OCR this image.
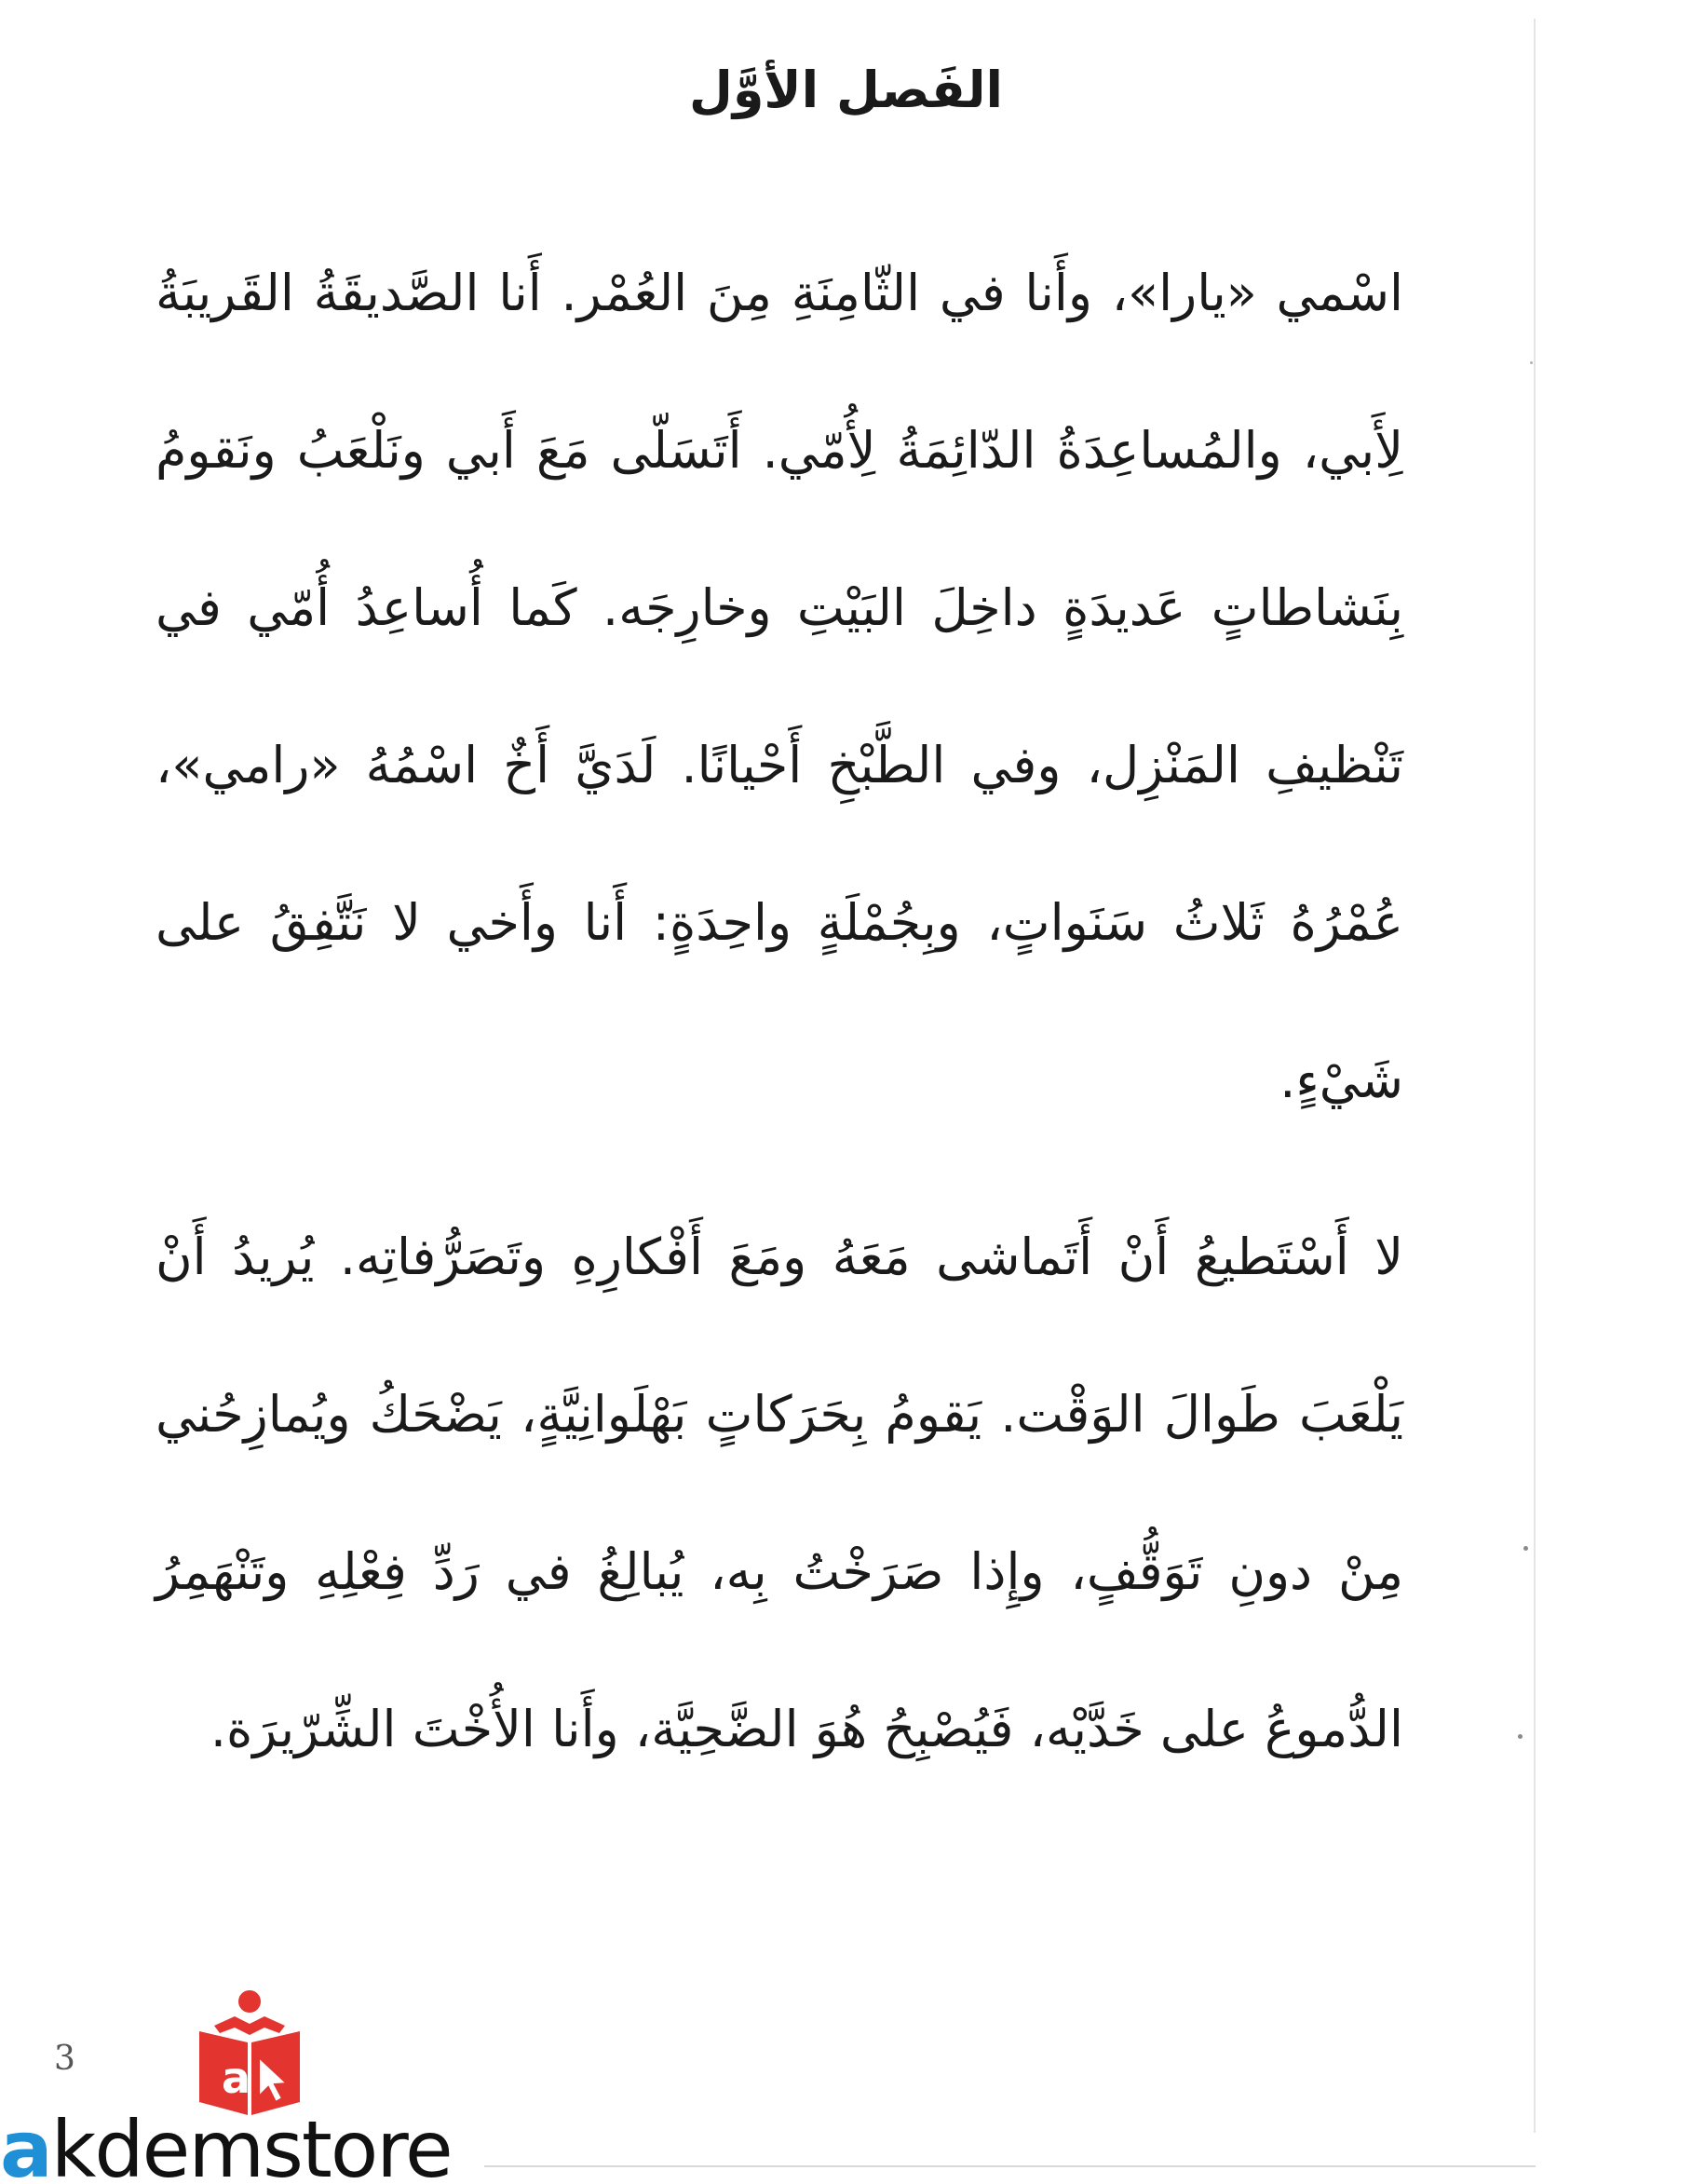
الفَصل الأوَّل

اسْمي «يارا»، وأَنا في الثّامِنَةِ مِنَ العُمْر. أَنا الصَّديقَةُ القَريبَةُ لِأَبي، والمُساعِدَةُ الدّائِمَةُ لِأُمّي. أَتَسَلّى مَعَ أَبي ونَلْعَبُ ونَقومُ بِنَشاطاتٍ عَديدَةٍ داخِلَ البَيْتِ وخارِجَه. كَما أُساعِدُ أُمّي في تَنْظيفِ المَنْزِل، وفي الطَّبْخِ أَحْيانًا. لَدَيَّ أَخٌ اسْمُهُ «رامي»، عُمْرُهُ ثَلاثُ سَنَواتٍ، وبِجُمْلَةٍ واحِدَةٍ: أَنا وأَخي لا نَتَّفِقُ على شَيْءٍ.

لا أَسْتَطيعُ أَنْ أَتَماشى مَعَهُ ومَعَ أَفْكارِهِ وتَصَرُّفاتِه. يُريدُ أَنْ يَلْعَبَ طَوالَ الوَقْت. يَقومُ بِحَرَكاتٍ بَهْلَوانِيَّةٍ، يَضْحَكُ ويُمازِحُني مِنْ دونِ تَوَقُّفٍ، وإِذا صَرَخْتُ بِه، يُبالِغُ في رَدِّ فِعْلِهِ وتَنْهَمِرُ الدُّموعُ على خَدَّيْه، فَيُصْبِحُ هُوَ الضَّحِيَّة، وأَنا الأُخْتَ الشِّرّيرَة.

3	a
akdemstore
